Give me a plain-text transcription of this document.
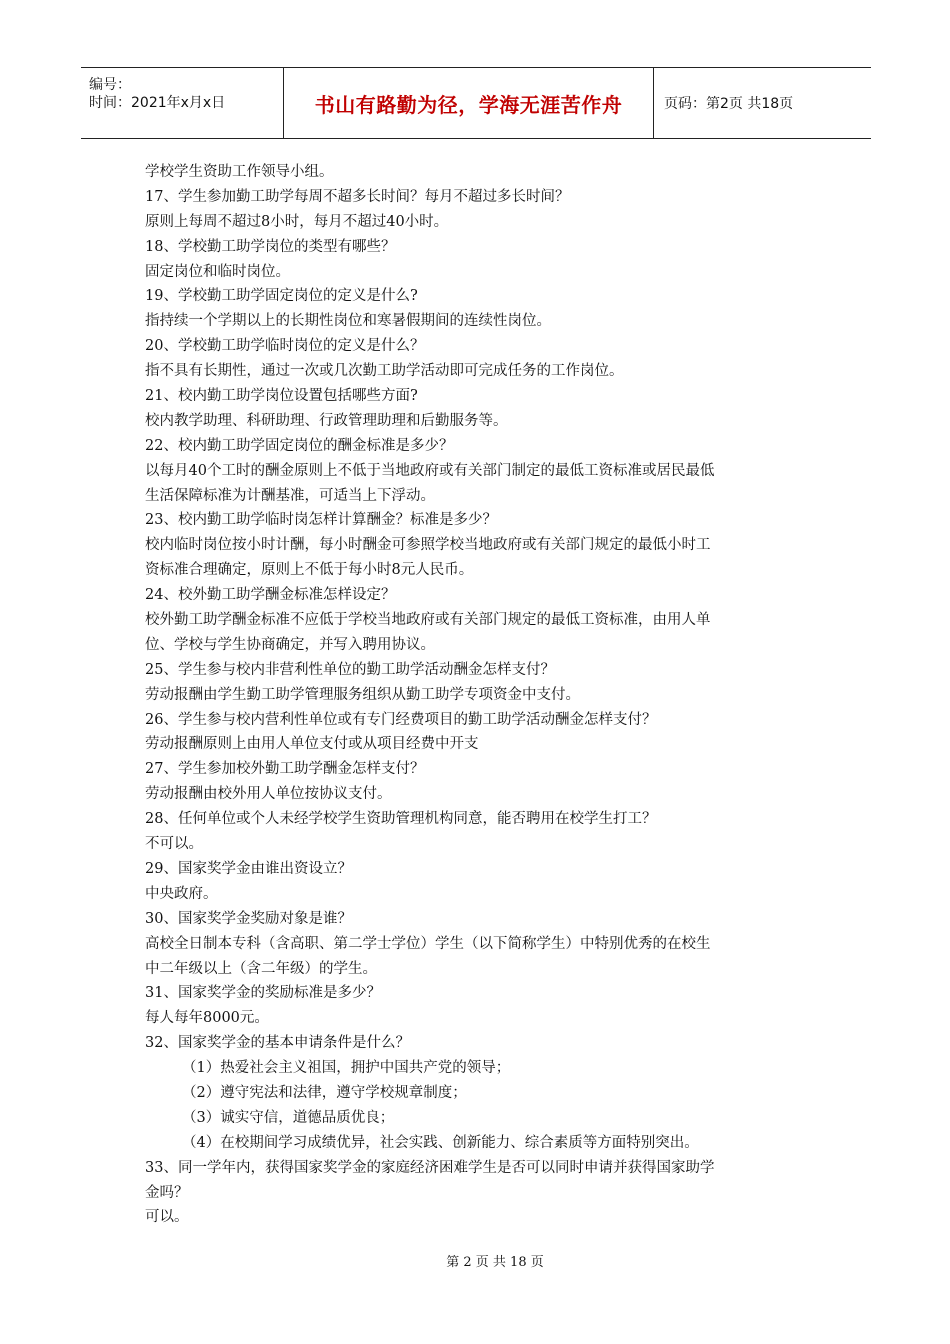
编号：
时间：2021年x月x日	书山有路勤为径，学海无涯苦作舟	页码：第2页 共18页
学校学生资助工作领导小组。
17、学生参加勤工助学每周不超多长时间？每月不超过多长时间？
原则上每周不超过8小时，每月不超过40小时。
18、学校勤工助学岗位的类型有哪些？
固定岗位和临时岗位。
19、学校勤工助学固定岗位的定义是什么?
指持续一个学期以上的长期性岗位和寒暑假期间的连续性岗位。
20、学校勤工助学临时岗位的定义是什么？
指不具有长期性，通过一次或几次勤工助学活动即可完成任务的工作岗位。
21、校内勤工助学岗位设置包括哪些方面?
校内教学助理、科研助理、行政管理助理和后勤服务等。
22、校内勤工助学固定岗位的酬金标准是多少？
以每月40个工时的酬金原则上不低于当地政府或有关部门制定的最低工资标准或居民最低
生活保障标准为计酬基准，可适当上下浮动。
23、校内勤工助学临时岗怎样计算酬金？标准是多少？
校内临时岗位按小时计酬，每小时酬金可参照学校当地政府或有关部门规定的最低小时工
资标准合理确定，原则上不低于每小时8元人民币。
24、校外勤工助学酬金标准怎样设定？
校外勤工助学酬金标准不应低于学校当地政府或有关部门规定的最低工资标准，由用人单
位、学校与学生协商确定，并写入聘用协议。
25、学生参与校内非营利性单位的勤工助学活动酬金怎样支付？
劳动报酬由学生勤工助学管理服务组织从勤工助学专项资金中支付。
26、学生参与校内营利性单位或有专门经费项目的勤工助学活动酬金怎样支付？
劳动报酬原则上由用人单位支付或从项目经费中开支
27、学生参加校外勤工助学酬金怎样支付？
劳动报酬由校外用人单位按协议支付。
28、任何单位或个人未经学校学生资助管理机构同意，能否聘用在校学生打工？
不可以。
29、国家奖学金由谁出资设立？
中央政府。
30、国家奖学金奖励对象是谁？
高校全日制本专科（含高职、第二学士学位）学生（以下简称学生）中特别优秀的在校生
中二年级以上（含二年级）的学生。
31、国家奖学金的奖励标准是多少？
每人每年8000元。
32、国家奖学金的基本申请条件是什么？
（1）热爱社会主义祖国，拥护中国共产党的领导；
（2）遵守宪法和法律，遵守学校规章制度；
（3）诚实守信，道德品质优良；
（4）在校期间学习成绩优异，社会实践、创新能力、综合素质等方面特别突出。
33、同一学年内，获得国家奖学金的家庭经济困难学生是否可以同时申请并获得国家助学
金吗？
可以。
第 2 页 共 18 页
